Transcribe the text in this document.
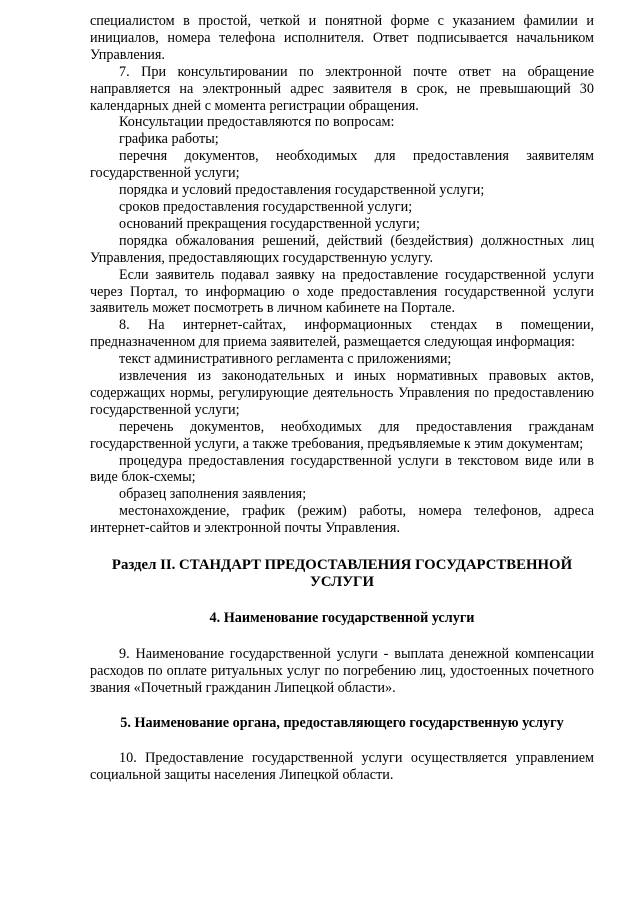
специалистом в простой, четкой и понятной форме с указанием фамилии и инициалов, номера телефона исполнителя. Ответ подписывается начальником Управления.

7. При консультировании по электронной почте ответ на обращение направляется на электронный адрес заявителя в срок, не превышающий 30 календарных дней с момента регистрации обращения.

Консультации предоставляются по вопросам:

графика работы;

перечня документов, необходимых для предоставления заявителям государственной услуги;

порядка и условий предоставления государственной услуги;

сроков предоставления государственной услуги;

оснований прекращения государственной услуги;

порядка обжалования решений, действий (бездействия) должностных лиц Управления, предоставляющих государственную услугу.

Если заявитель подавал заявку на предоставление государственной услуги через Портал, то информацию о ходе предоставления государственной услуги заявитель может посмотреть в личном кабинете на Портале.

8. На интернет-сайтах, информационных стендах в помещении, предназначенном для приема заявителей, размещается следующая информация:

текст административного регламента с приложениями;

извлечения из законодательных и иных нормативных правовых актов, содержащих нормы, регулирующие деятельность Управления по предоставлению государственной услуги;

перечень документов, необходимых для предоставления гражданам государственной услуги, а также требования, предъявляемые к этим документам;

процедура предоставления государственной услуги в текстовом виде или в виде блок-схемы;

образец заполнения заявления;

местонахождение, график (режим) работы, номера телефонов, адреса интернет-сайтов и электронной почты Управления.

Раздел II. СТАНДАРТ ПРЕДОСТАВЛЕНИЯ ГОСУДАРСТВЕННОЙ УСЛУГИ

4. Наименование государственной услуги

9. Наименование государственной услуги - выплата денежной компенсации расходов по оплате ритуальных услуг по погребению лиц, удостоенных почетного звания «Почетный гражданин Липецкой области».

5. Наименование органа, предоставляющего государственную услугу

10. Предоставление государственной услуги осуществляется управлением социальной защиты населения Липецкой области.
